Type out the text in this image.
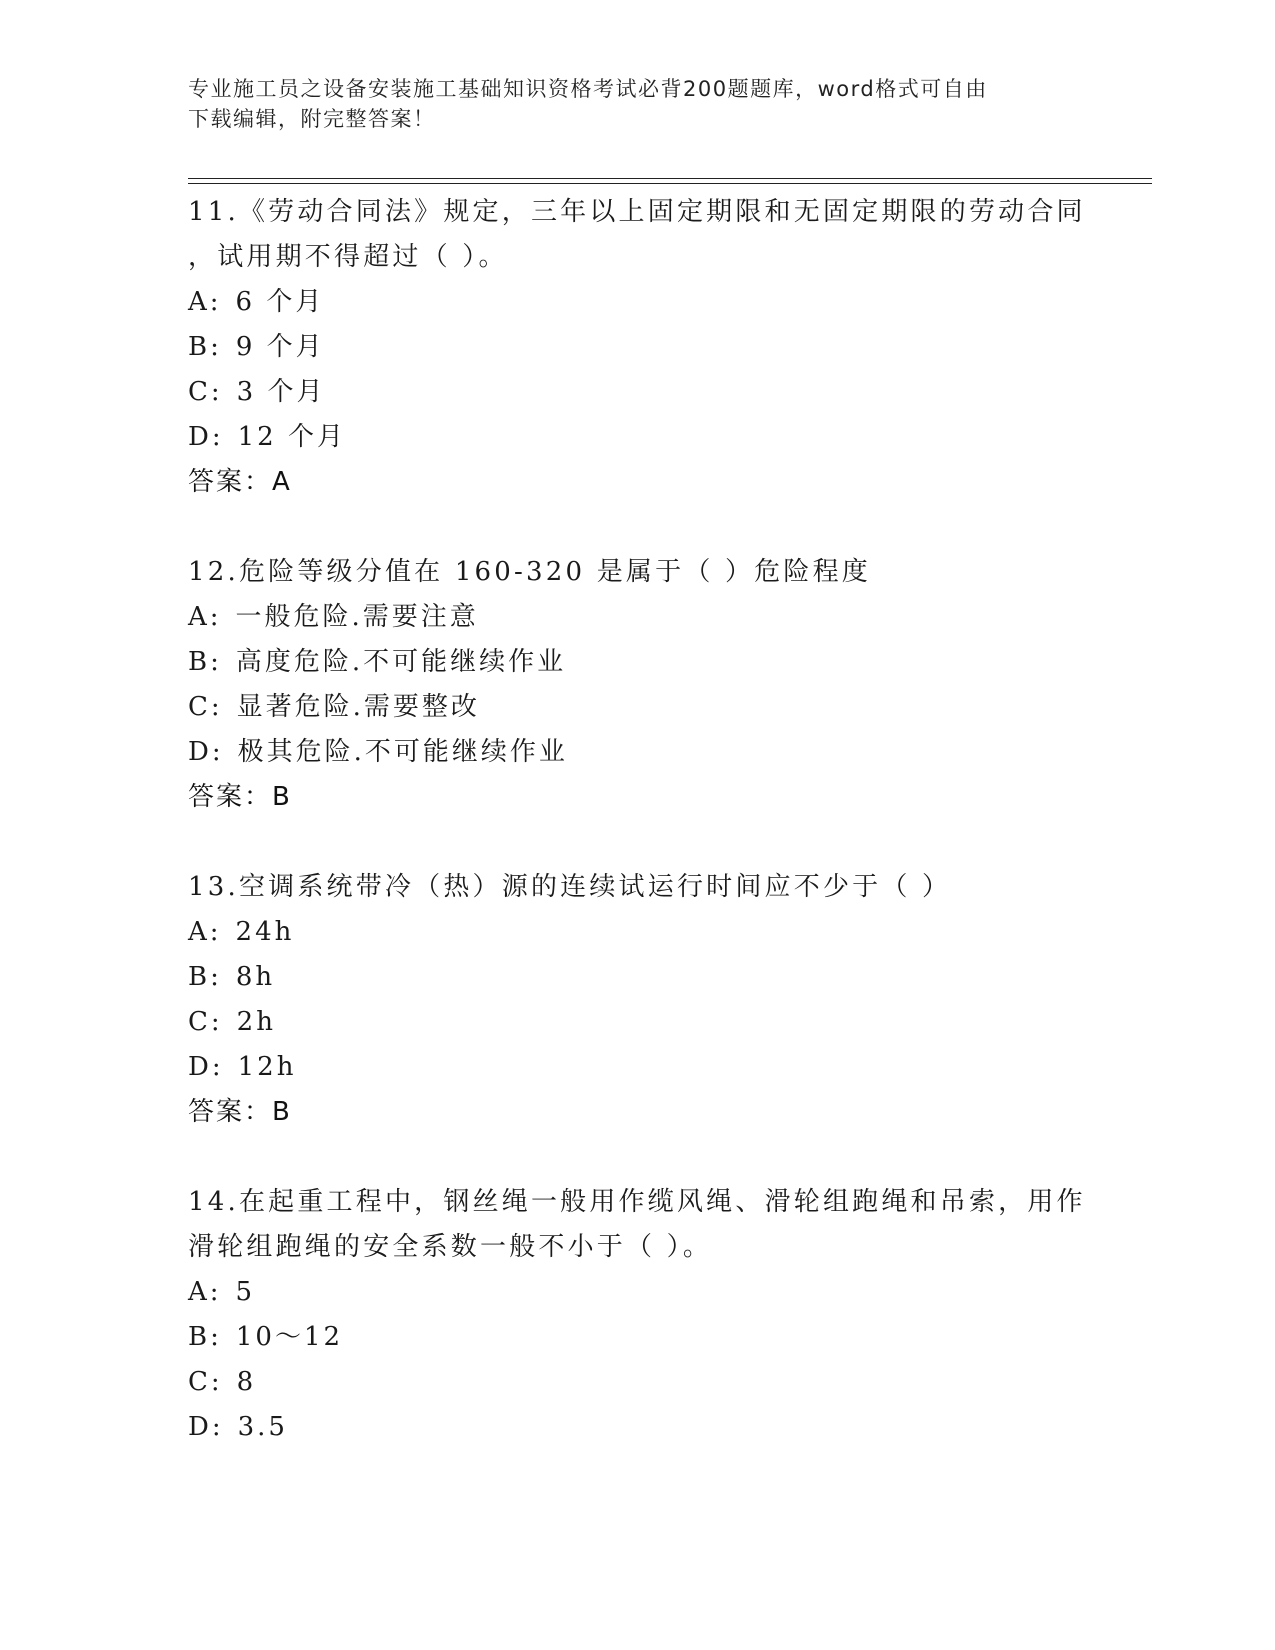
专业施工员之设备安装施工基础知识资格考试必背200题题库，word格式可自由
下载编辑，附完整答案！
11.《劳动合同法》规定，三年以上固定期限和无固定期限的劳动合同
，试用期不得超过（ ）。
A: 6 个月
B: 9 个月
C: 3 个月
D: 12 个月
答案：A
12.危险等级分值在 160-320 是属于（ ）危险程度
A: 一般危险.需要注意
B: 高度危险.不可能继续作业
C: 显著危险.需要整改
D: 极其危险.不可能继续作业
答案：B
13.空调系统带冷（热）源的连续试运行时间应不少于（ ）
A: 24h
B: 8h
C: 2h
D: 12h
答案：B
14.在起重工程中，钢丝绳一般用作缆风绳、滑轮组跑绳和吊索，用作
滑轮组跑绳的安全系数一般不小于（ ）。
A: 5
B: 10～12
C: 8
D: 3.5
